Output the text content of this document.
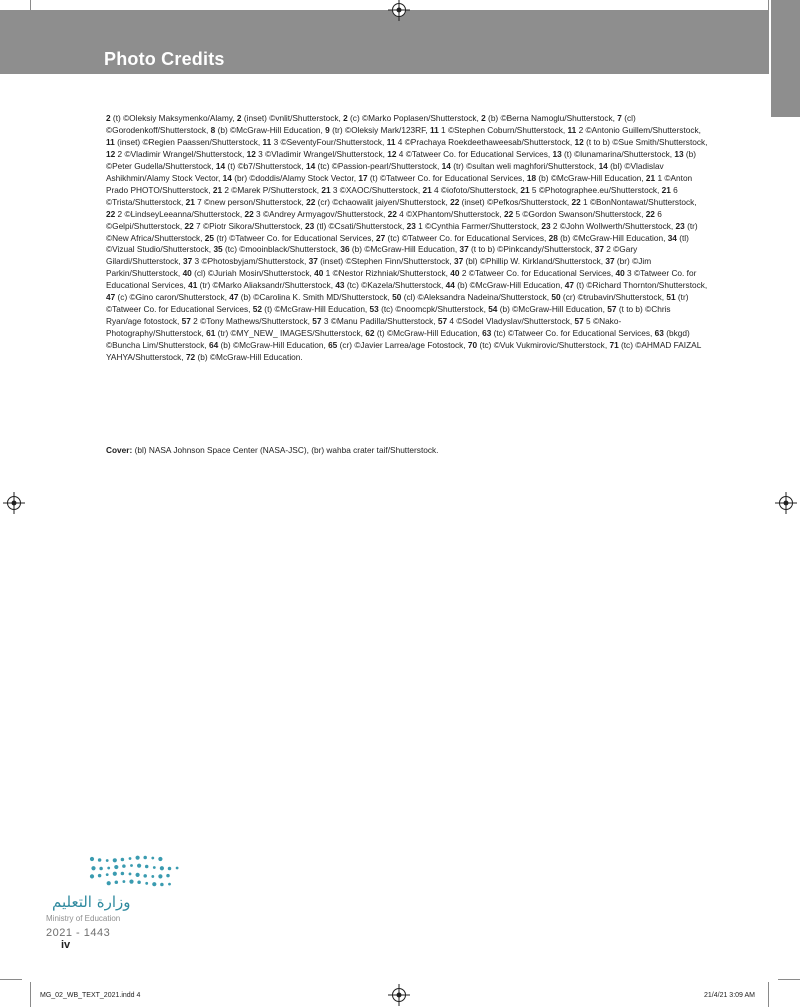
Photo Credits
2 (t) ©Oleksiy Maksymenko/Alamy, 2 (inset) ©vnlit/Shutterstock, 2 (c) ©Marko Poplasen/Shutterstock, 2 (b) ©Berna Namoglu/Shutterstock, 7 (cl) ©Gorodenkoff/Shutterstock, 8 (b) ©McGraw-Hill Education, 9 (tr) ©Oleksiy Mark/123RF, 11 1 ©Stephen Coburn/Shutterstock, 11 2 ©Antonio Guillem/Shutterstock, 11 (inset) ©Regien Paassen/Shutterstock, 11 3 ©SeventyFour/Shutterstock, 11 4 ©Prachaya Roekdeethaweesab/Shutterstock, 12 (t to b) ©Sue Smith/Shutterstock, 12 2 ©Vladimir Wrangel/Shutterstock, 12 3 ©Vladimir Wrangel/Shutterstock, 12 4 ©Tatweer Co. for Educational Services, 13 (t) ©lunamarina/Shutterstock, 13 (b) ©Peter Gudella/Shutterstock, 14 (t) ©b7/Shutterstock, 14 (tc) ©Passion-pearl/Shutterstock, 14 (tr) ©sultan weli maghfori/Shutterstock, 14 (bl) ©Vladislav Ashikhmin/Alamy Stock Vector, 14 (br) ©doddis/Alamy Stock Vector, 17 (t) ©Tatweer Co. for Educational Services, 18 (b) ©McGraw-Hill Education, 21 1 ©Anton Prado PHOTO/Shutterstock, 21 2 ©Marek P/Shutterstock, 21 3 ©XAOC/Shutterstock, 21 4 ©iofoto/Shutterstock, 21 5 ©Photographee.eu/Shutterstock, 21 6 ©Trista/Shutterstock, 21 7 ©new person/Shutterstock, 22 (cr) ©chaowalit jaiyen/Shutterstock, 22 (inset) ©Pefkos/Shutterstock, 22 1 ©BonNontawat/Shutterstock, 22 2 ©LindseyLeeanna/Shutterstock, 22 3 ©Andrey Armyagov/Shutterstock, 22 4 ©XPhantom/Shutterstock, 22 5 ©Gordon Swanson/Shutterstock, 22 6 ©Gelpi/Shutterstock, 22 7 ©Piotr Sikora/Shutterstock, 23 (tl) ©Csati/Shutterstock, 23 1 ©Cynthia Farmer/Shutterstock, 23 2 ©John Wollwerth/Shutterstock, 23 (tr) ©New Africa/Shutterstock, 25 (tr) ©Tatweer Co. for Educational Services, 27 (tc) ©Tatweer Co. for Educational Services, 28 (b) ©McGraw-Hill Education, 34 (tl) ©Vizual Studio/Shutterstock, 35 (tc) ©mooinblack/Shutterstock, 36 (b) ©McGraw-Hill Education, 37 (t to b) ©Pinkcandy/Shutterstock, 37 2 ©Gary Gilardi/Shutterstock, 37 3 ©Photosbyjam/Shutterstock, 37 (inset) ©Stephen Finn/Shutterstock, 37 (bl) ©Phillip W. Kirkland/Shutterstock, 37 (br) ©Jim Parkin/Shutterstock, 40 (cl) ©Juriah Mosin/Shutterstock, 40 1 ©Nestor Rizhniak/Shutterstock, 40 2 ©Tatweer Co. for Educational Services, 40 3 ©Tatweer Co. for Educational Services, 41 (tr) ©Marko Aliaksandr/Shutterstock, 43 (tc) ©Kazela/Shutterstock, 44 (b) ©McGraw-Hill Education, 47 (t) ©Richard Thornton/Shutterstock, 47 (c) ©Gino caron/Shutterstock, 47 (b) ©Carolina K. Smith MD/Shutterstock, 50 (cl) ©Aleksandra Nadeina/Shutterstock, 50 (cr) ©trubavin/Shutterstock, 51 (tr) ©Tatweer Co. for Educational Services, 52 (t) ©McGraw-Hill Education, 53 (tc) ©noomcpk/Shutterstock, 54 (b) ©McGraw-Hill Education, 57 (t to b) ©Chris Ryan/age fotostock, 57 2 ©Tony Mathews/Shutterstock, 57 3 ©Manu Padilla/Shutterstock, 57 4 ©Sodel Vladyslav/Shutterstock, 57 5 ©Nako-Photography/Shutterstock, 61 (tr) ©MY_NEW_ IMAGES/Shutterstock, 62 (t) ©McGraw-Hill Education, 63 (tc) ©Tatweer Co. for Educational Services, 63 (bkgd) ©Buncha Lim/Shutterstock, 64 (b) ©McGraw-Hill Education, 65 (cr) ©Javier Larrea/age Fotostock, 70 (tc) ©Vuk Vukmirovic/Shutterstock, 71 (tc) ©AHMAD FAIZAL YAHYA/Shutterstock, 72 (b) ©McGraw-Hill Education.
Cover: (bl) NASA Johnson Space Center (NASA-JSC), (br) wahba crater taif/Shutterstock.
وزارة التعليم
Ministry of Education
2021 - 1443
iv
MG_02_WB_TEXT_2021.indd 4	21/4/21 3:09 AM
